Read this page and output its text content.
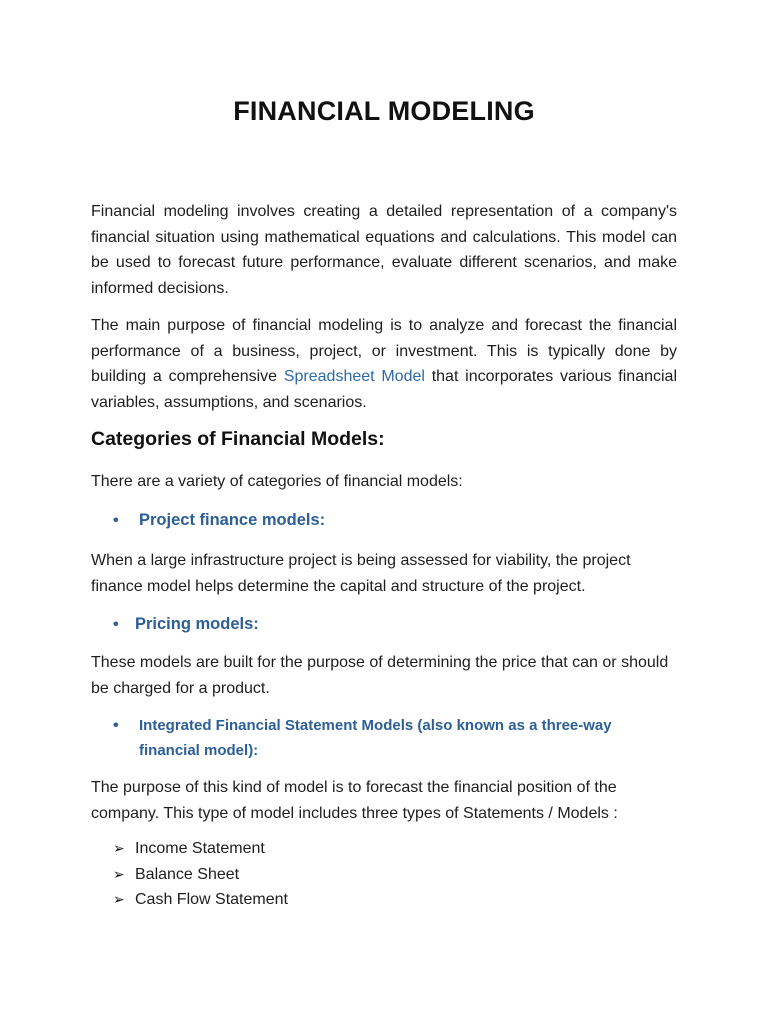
FINANCIAL MODELING

Financial modeling involves creating a detailed representation of a company's financial situation using mathematical equations and calculations. This model can be used to forecast future performance, evaluate different scenarios, and make informed decisions.

The main purpose of financial modeling is to analyze and forecast the financial performance of a business, project, or investment. This is typically done by building a comprehensive Spreadsheet Model that incorporates various financial variables, assumptions, and scenarios.

Categories of Financial Models:

There are a variety of categories of financial models:

•	Project finance models:

When a large infrastructure project is being assessed for viability, the project finance model helps determine the capital and structure of the project.

• Pricing models:

These models are built for the purpose of determining the price that can or should be charged for a product.

•	Integrated Financial Statement Models (also known as a three-way financial model):

The purpose of this kind of model is to forecast the financial position of the company. This type of model includes three types of Statements / Models :

➢ Income Statement
➢ Balance Sheet
➢ Cash Flow Statement
